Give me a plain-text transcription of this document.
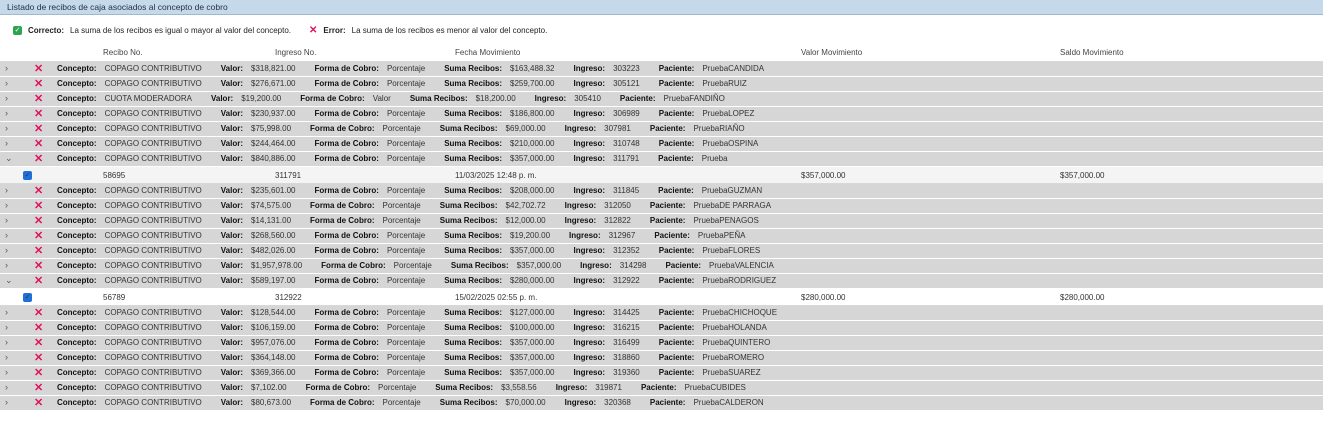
Listado de recibos de caja asociados al concepto de cobro
✓ Correcto: La suma de los recibos es igual o mayor al valor del concepto. ✕ Error: La suma de los recibos es menor al valor del concepto.
Recibo No.	Ingreso No.	Fecha Movimiento	Valor Movimiento	Saldo Movimiento
› ✕ Concepto: COPAGO CONTRIBUTIVO Valor: $318,821.00 Forma de Cobro: Porcentaje Suma Recibos: $163,488.32 Ingreso: 303223 Paciente: PruebaCANDIDA
› ✕ Concepto: COPAGO CONTRIBUTIVO Valor: $276,671.00 Forma de Cobro: Porcentaje Suma Recibos: $259,700.00 Ingreso: 305121 Paciente: PruebaRUIZ
› ✕ Concepto: CUOTA MODERADORA Valor: $19,200.00 Forma de Cobro: Valor Suma Recibos: $18,200.00 Ingreso: 305410 Paciente: PruebaFANDIÑO
› ✕ Concepto: COPAGO CONTRIBUTIVO Valor: $230,937.00 Forma de Cobro: Porcentaje Suma Recibos: $186,800.00 Ingreso: 306989 Paciente: PruebaLOPEZ
› ✕ Concepto: COPAGO CONTRIBUTIVO Valor: $75,998.00 Forma de Cobro: Porcentaje Suma Recibos: $69,000.00 Ingreso: 307981 Paciente: PruebaRIAÑO
› ✕ Concepto: COPAGO CONTRIBUTIVO Valor: $244,464.00 Forma de Cobro: Porcentaje Suma Recibos: $210,000.00 Ingreso: 310748 Paciente: PruebaOSPINA
⌄ ✕ Concepto: COPAGO CONTRIBUTIVO Valor: $840,886.00 Forma de Cobro: Porcentaje Suma Recibos: $357,000.00 Ingreso: 311791 Paciente: Prueba
✓	58695	311791	11/03/2025 12:48 p. m.	$357,000.00	$357,000.00
› ✕ Concepto: COPAGO CONTRIBUTIVO Valor: $235,601.00 Forma de Cobro: Porcentaje Suma Recibos: $208,000.00 Ingreso: 311845 Paciente: PruebaGUZMAN
› ✕ Concepto: COPAGO CONTRIBUTIVO Valor: $74,575.00 Forma de Cobro: Porcentaje Suma Recibos: $42,702.72 Ingreso: 312050 Paciente: PruebaDE PARRAGA
› ✕ Concepto: COPAGO CONTRIBUTIVO Valor: $14,131.00 Forma de Cobro: Porcentaje Suma Recibos: $12,000.00 Ingreso: 312822 Paciente: PruebaPENAGOS
› ✕ Concepto: COPAGO CONTRIBUTIVO Valor: $268,560.00 Forma de Cobro: Porcentaje Suma Recibos: $19,200.00 Ingreso: 312967 Paciente: PruebaPEÑA
› ✕ Concepto: COPAGO CONTRIBUTIVO Valor: $482,026.00 Forma de Cobro: Porcentaje Suma Recibos: $357,000.00 Ingreso: 312352 Paciente: PruebaFLORES
› ✕ Concepto: COPAGO CONTRIBUTIVO Valor: $1,957,978.00 Forma de Cobro: Porcentaje Suma Recibos: $357,000.00 Ingreso: 314298 Paciente: PruebaVALENCIA
⌄ ✕ Concepto: COPAGO CONTRIBUTIVO Valor: $589,197.00 Forma de Cobro: Porcentaje Suma Recibos: $280,000.00 Ingreso: 312922 Paciente: PruebaRODRIGUEZ
✓	56789	312922	15/02/2025 02:55 p. m.	$280,000.00	$280,000.00
› ✕ Concepto: COPAGO CONTRIBUTIVO Valor: $128,544.00 Forma de Cobro: Porcentaje Suma Recibos: $127,000.00 Ingreso: 314425 Paciente: PruebaCHICHOQUE
› ✕ Concepto: COPAGO CONTRIBUTIVO Valor: $106,159.00 Forma de Cobro: Porcentaje Suma Recibos: $100,000.00 Ingreso: 316215 Paciente: PruebaHOLANDA
› ✕ Concepto: COPAGO CONTRIBUTIVO Valor: $957,076.00 Forma de Cobro: Porcentaje Suma Recibos: $357,000.00 Ingreso: 316499 Paciente: PruebaQUINTERO
› ✕ Concepto: COPAGO CONTRIBUTIVO Valor: $364,148.00 Forma de Cobro: Porcentaje Suma Recibos: $357,000.00 Ingreso: 318860 Paciente: PruebaROMERO
› ✕ Concepto: COPAGO CONTRIBUTIVO Valor: $369,366.00 Forma de Cobro: Porcentaje Suma Recibos: $357,000.00 Ingreso: 319360 Paciente: PruebaSUAREZ
› ✕ Concepto: COPAGO CONTRIBUTIVO Valor: $7,102.00 Forma de Cobro: Porcentaje Suma Recibos: $3,558.56 Ingreso: 319871 Paciente: PruebaCUBIDES
› ✕ Concepto: COPAGO CONTRIBUTIVO Valor: $80,673.00 Forma de Cobro: Porcentaje Suma Recibos: $70,000.00 Ingreso: 320368 Paciente: PruebaCALDERON
